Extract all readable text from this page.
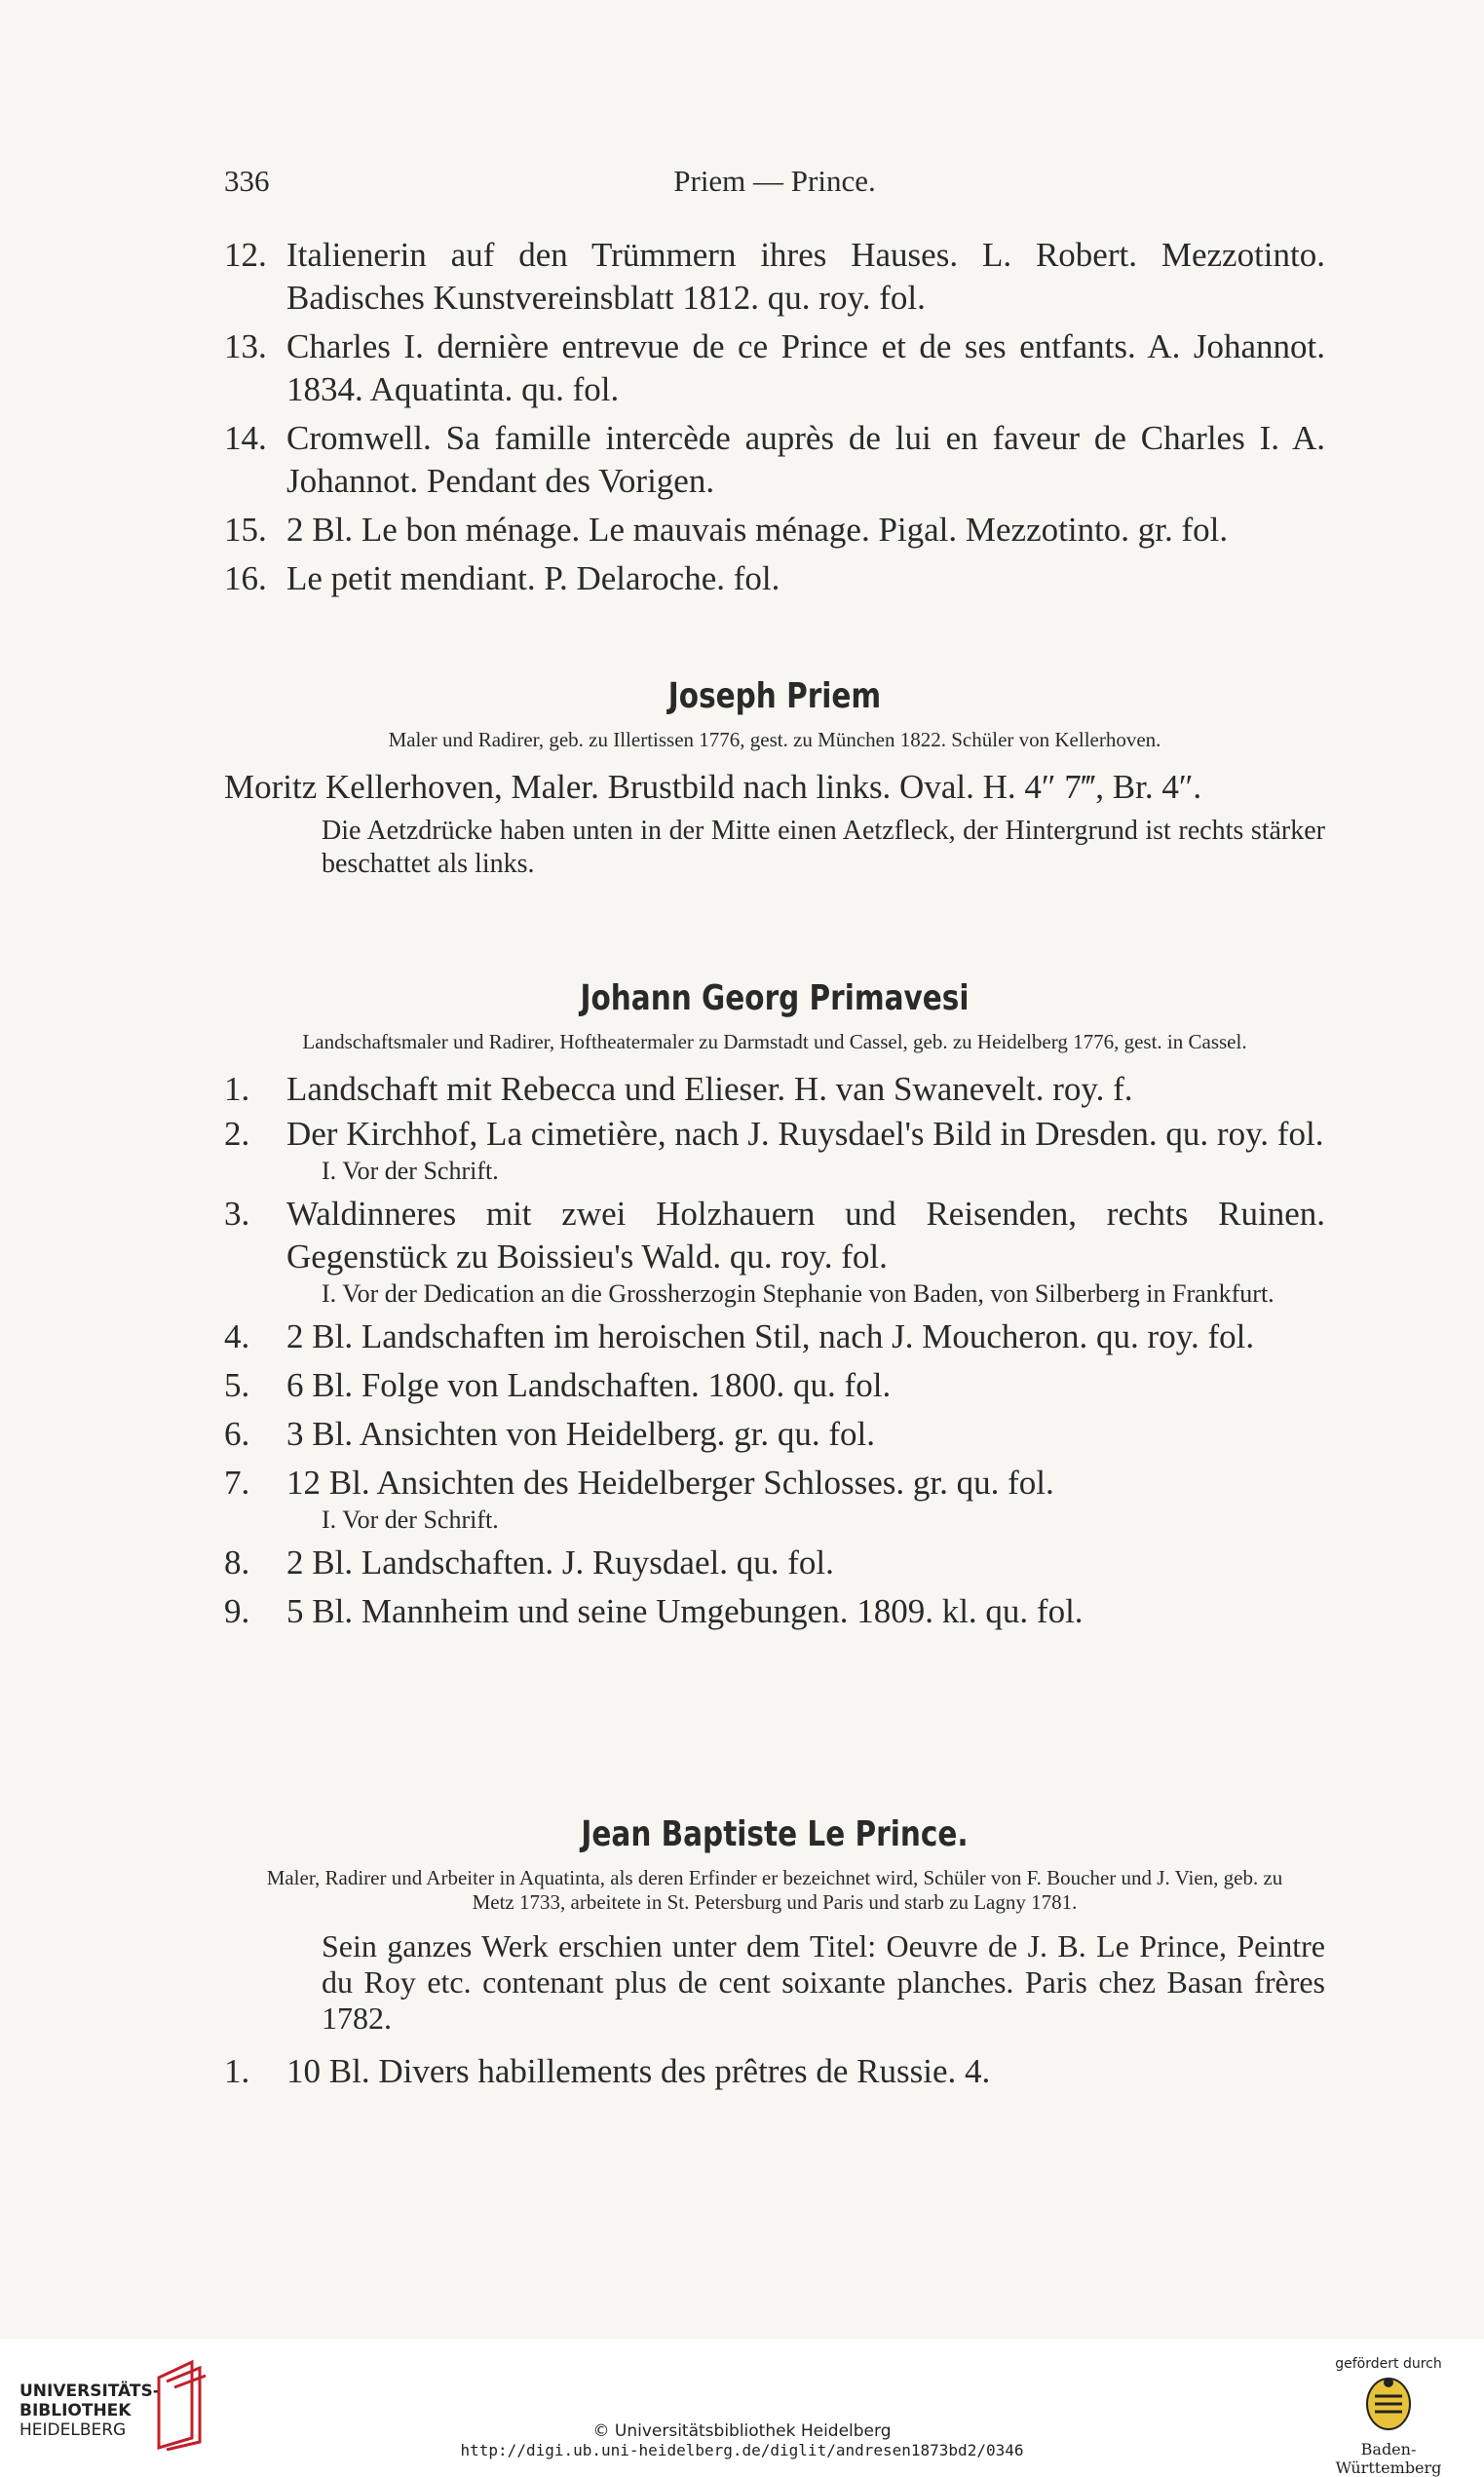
336	Priem — Prince.
12. Italienerin auf den Trümmern ihres Hauses. L. Robert. Mezzotinto. Badisches Kunstvereinsblatt 1812. qu. roy. fol.
13. Charles I. dernière entrevue de ce Prince et de ses entfants. A. Johannot. 1834. Aquatinta. qu. fol.
14. Cromwell. Sa famille intercède auprès de lui en faveur de Charles I. A. Johannot. Pendant des Vorigen.
15. 2 Bl. Le bon ménage. Le mauvais ménage. Pigal. Mezzotinto. gr. fol.
16. Le petit mendiant. P. Delaroche. fol.
Joseph Priem
Maler und Radirer, geb. zu Illertissen 1776, gest. zu München 1822. Schüler von Kellerhoven.
Moritz Kellerhoven, Maler. Brustbild nach links. Oval. H. 4″ 7‴, Br. 4″.
Die Aetzdrücke haben unten in der Mitte einen Aetzfleck, der Hintergrund ist rechts stärker beschattet als links.
Johann Georg Primavesi
Landschaftsmaler und Radirer, Hoftheatermaler zu Darmstadt und Cassel, geb. zu Heidelberg 1776, gest. in Cassel.
1.	Landschaft mit Rebecca und Elieser. H. van Swanevelt. roy. f.
2.	Der Kirchhof, La cimetière, nach J. Ruysdael's Bild in Dresden. qu. roy. fol.
I. Vor der Schrift.
3.	Waldinneres mit zwei Holzhauern und Reisenden, rechts Ruinen. Gegenstück zu Boissieu's Wald. qu. roy. fol.
I. Vor der Dedication an die Grossherzogin Stephanie von Baden, von Silberberg in Frankfurt.
4.	2 Bl. Landschaften im heroischen Stil, nach J. Moucheron. qu. roy. fol.
5.	6 Bl. Folge von Landschaften. 1800. qu. fol.
6.	3 Bl. Ansichten von Heidelberg. gr. qu. fol.
7.	12 Bl. Ansichten des Heidelberger Schlosses. gr. qu. fol.
I. Vor der Schrift.
8.	2 Bl. Landschaften. J. Ruysdael. qu. fol.
9.	5 Bl. Mannheim und seine Umgebungen. 1809. kl. qu. fol.
Jean Baptiste Le Prince.
Maler, Radirer und Arbeiter in Aquatinta, als deren Erfinder er bezeichnet wird, Schüler von F. Boucher und J. Vien, geb. zu Metz 1733, arbeitete in St. Petersburg und Paris und starb zu Lagny 1781.
Sein ganzes Werk erschien unter dem Titel: Oeuvre de J. B. Le Prince, Peintre du Roy etc. contenant plus de cent soixante planches. Paris chez Basan frères 1782.
1.	10 Bl. Divers habillements des prêtres de Russie. 4.
UNIVERSITÄTS-
BIBLIOTHEK
HEIDELBERG	© Universitätsbibliothek Heidelberg
http://digi.ub.uni-heidelberg.de/diglit/andresen1873bd2/0346
gefördert durch
Baden-Württemberg
